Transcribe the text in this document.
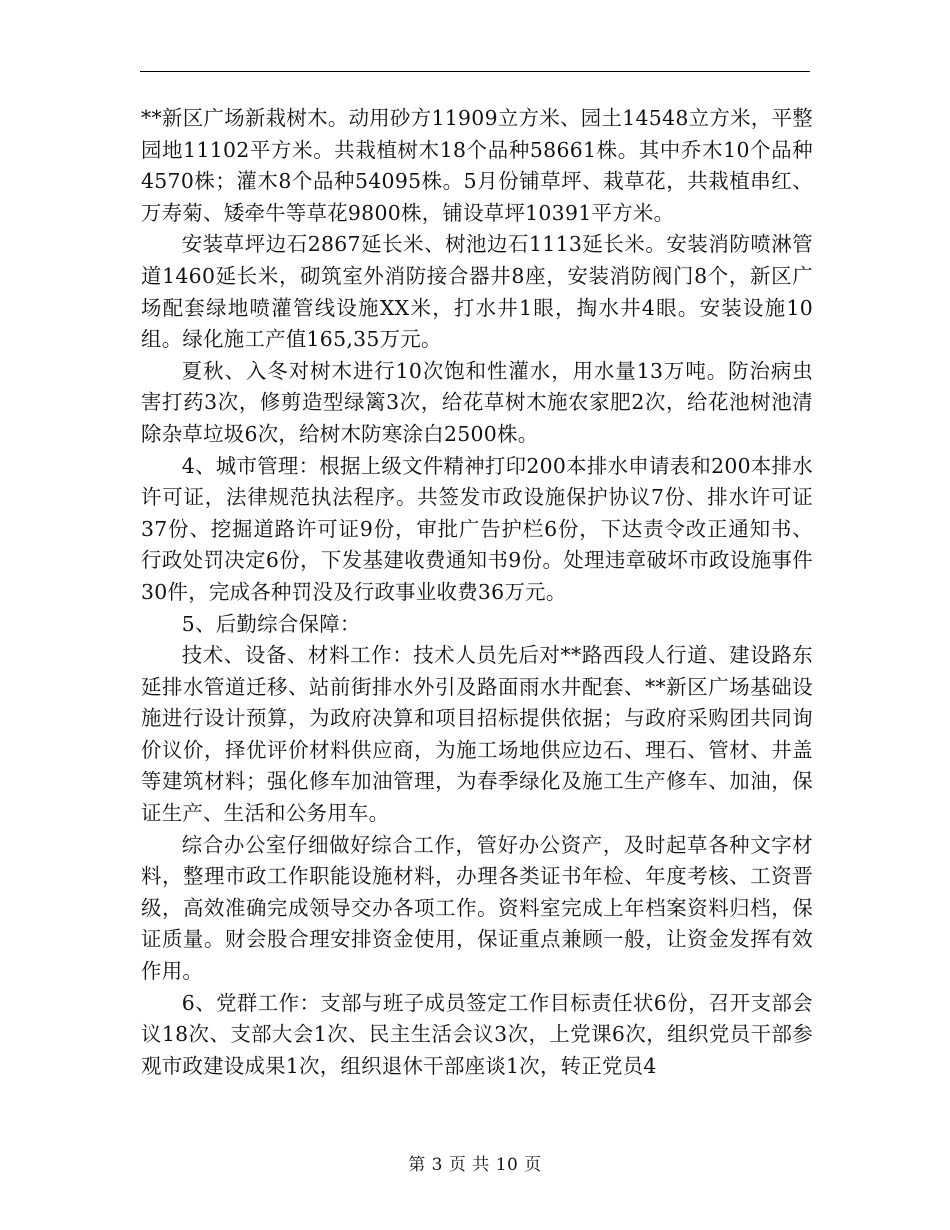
**新区广场新栽树木。动用砂方11909立方米、园土14548立方米，平整园地11102平方米。共栽植树木18个品种58661株。其中乔木10个品种4570株；灌木8个品种54095株。5月份铺草坪、栽草花，共栽植串红、万寿菊、矮牵牛等草花9800株，铺设草坪10391平方米。

安装草坪边石2867延长米、树池边石1113延长米。安装消防喷淋管道1460延长米，砌筑室外消防接合器井8座，安装消防阀门8个，新区广场配套绿地喷灌管线设施XX米，打水井1眼，掏水井4眼。安装设施10组。绿化施工产值165,35万元。

夏秋、入冬对树木进行10次饱和性灌水，用水量13万吨。防治病虫害打药3次，修剪造型绿篱3次，给花草树木施农家肥2次，给花池树池清除杂草垃圾6次，给树木防寒涂白2500株。

4、城市管理：根据上级文件精神打印200本排水申请表和200本排水许可证，法律规范执法程序。共签发市政设施保护协议7份、排水许可证37份、挖掘道路许可证9份，审批广告护栏6份，下达责令改正通知书、行政处罚决定6份，下发基建收费通知书9份。处理违章破坏市政设施事件30件，完成各种罚没及行政事业收费36万元。

5、后勤综合保障：

技术、设备、材料工作：技术人员先后对**路西段人行道、建设路东延排水管道迁移、站前街排水外引及路面雨水井配套、**新区广场基础设施进行设计预算，为政府决算和项目招标提供依据；与政府采购团共同询价议价，择优评价材料供应商，为施工场地供应边石、理石、管材、井盖等建筑材料；强化修车加油管理，为春季绿化及施工生产修车、加油，保证生产、生活和公务用车。

综合办公室仔细做好综合工作，管好办公资产，及时起草各种文字材料，整理市政工作职能设施材料，办理各类证书年检、年度考核、工资晋级，高效准确完成领导交办各项工作。资料室完成上年档案资料归档，保证质量。财会股合理安排资金使用，保证重点兼顾一般，让资金发挥有效作用。

6、党群工作：支部与班子成员签定工作目标责任状6份，召开支部会议18次、支部大会1次、民主生活会议3次，上党课6次，组织党员干部参观市政建设成果1次，组织退休干部座谈1次，转正党员4

第 3 页 共 10 页
